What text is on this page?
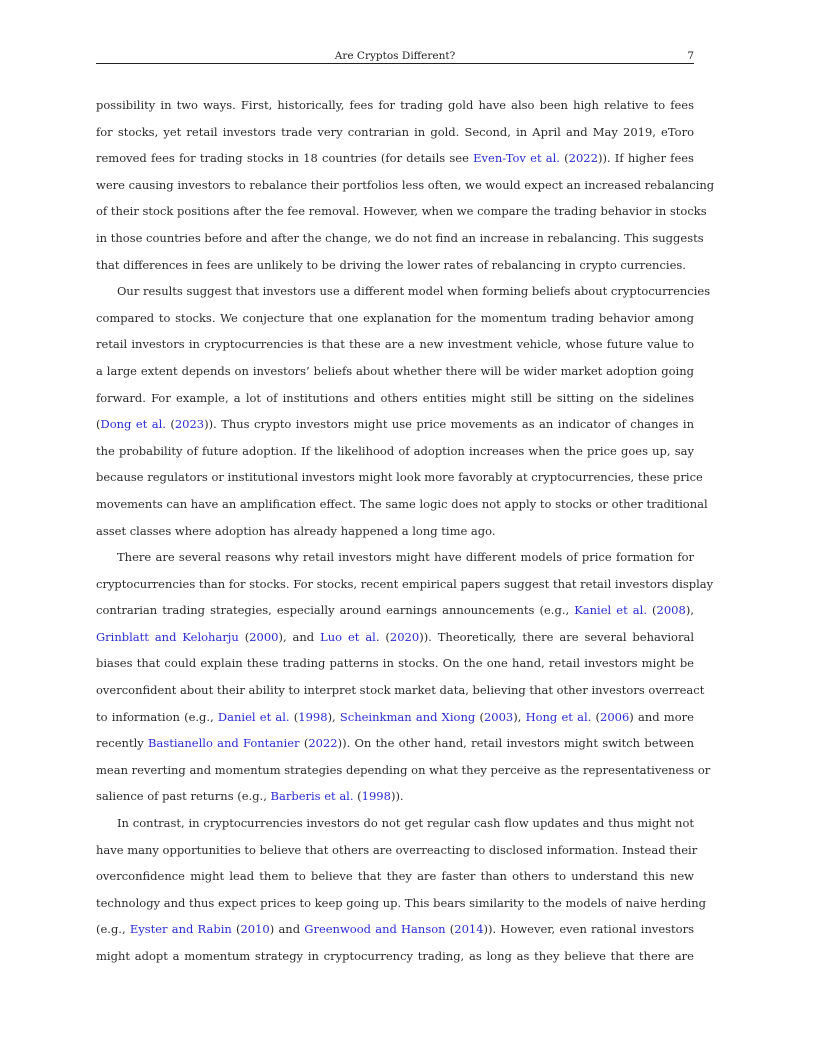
Are Cryptos Different?	7
possibility in two ways. First, historically, fees for trading gold have also been high relative to fees
for stocks, yet retail investors trade very contrarian in gold. Second, in April and May 2019, eToro
removed fees for trading stocks in 18 countries (for details see Even-Tov et al. (2022)). If higher fees
were causing investors to rebalance their portfolios less often, we would expect an increased rebalancing
of their stock positions after the fee removal. However, when we compare the trading behavior in stocks
in those countries before and after the change, we do not find an increase in rebalancing. This suggests
that differences in fees are unlikely to be driving the lower rates of rebalancing in crypto currencies.
Our results suggest that investors use a different model when forming beliefs about cryptocurrencies
compared to stocks. We conjecture that one explanation for the momentum trading behavior among
retail investors in cryptocurrencies is that these are a new investment vehicle, whose future value to
a large extent depends on investors’ beliefs about whether there will be wider market adoption going
forward. For example, a lot of institutions and others entities might still be sitting on the sidelines
(Dong et al. (2023)). Thus crypto investors might use price movements as an indicator of changes in
the probability of future adoption. If the likelihood of adoption increases when the price goes up, say
because regulators or institutional investors might look more favorably at cryptocurrencies, these price
movements can have an amplification effect. The same logic does not apply to stocks or other traditional
asset classes where adoption has already happened a long time ago.
There are several reasons why retail investors might have different models of price formation for
cryptocurrencies than for stocks. For stocks, recent empirical papers suggest that retail investors display
contrarian trading strategies, especially around earnings announcements (e.g., Kaniel et al. (2008),
Grinblatt and Keloharju (2000), and Luo et al. (2020)). Theoretically, there are several behavioral
biases that could explain these trading patterns in stocks. On the one hand, retail investors might be
overconfident about their ability to interpret stock market data, believing that other investors overreact
to information (e.g., Daniel et al. (1998), Scheinkman and Xiong (2003), Hong et al. (2006) and more
recently Bastianello and Fontanier (2022)). On the other hand, retail investors might switch between
mean reverting and momentum strategies depending on what they perceive as the representativeness or
salience of past returns (e.g., Barberis et al. (1998)).
In contrast, in cryptocurrencies investors do not get regular cash flow updates and thus might not
have many opportunities to believe that others are overreacting to disclosed information. Instead their
overconfidence might lead them to believe that they are faster than others to understand this new
technology and thus expect prices to keep going up. This bears similarity to the models of naive herding
(e.g., Eyster and Rabin (2010) and Greenwood and Hanson (2014)). However, even rational investors
might adopt a momentum strategy in cryptocurrency trading, as long as they believe that there are
